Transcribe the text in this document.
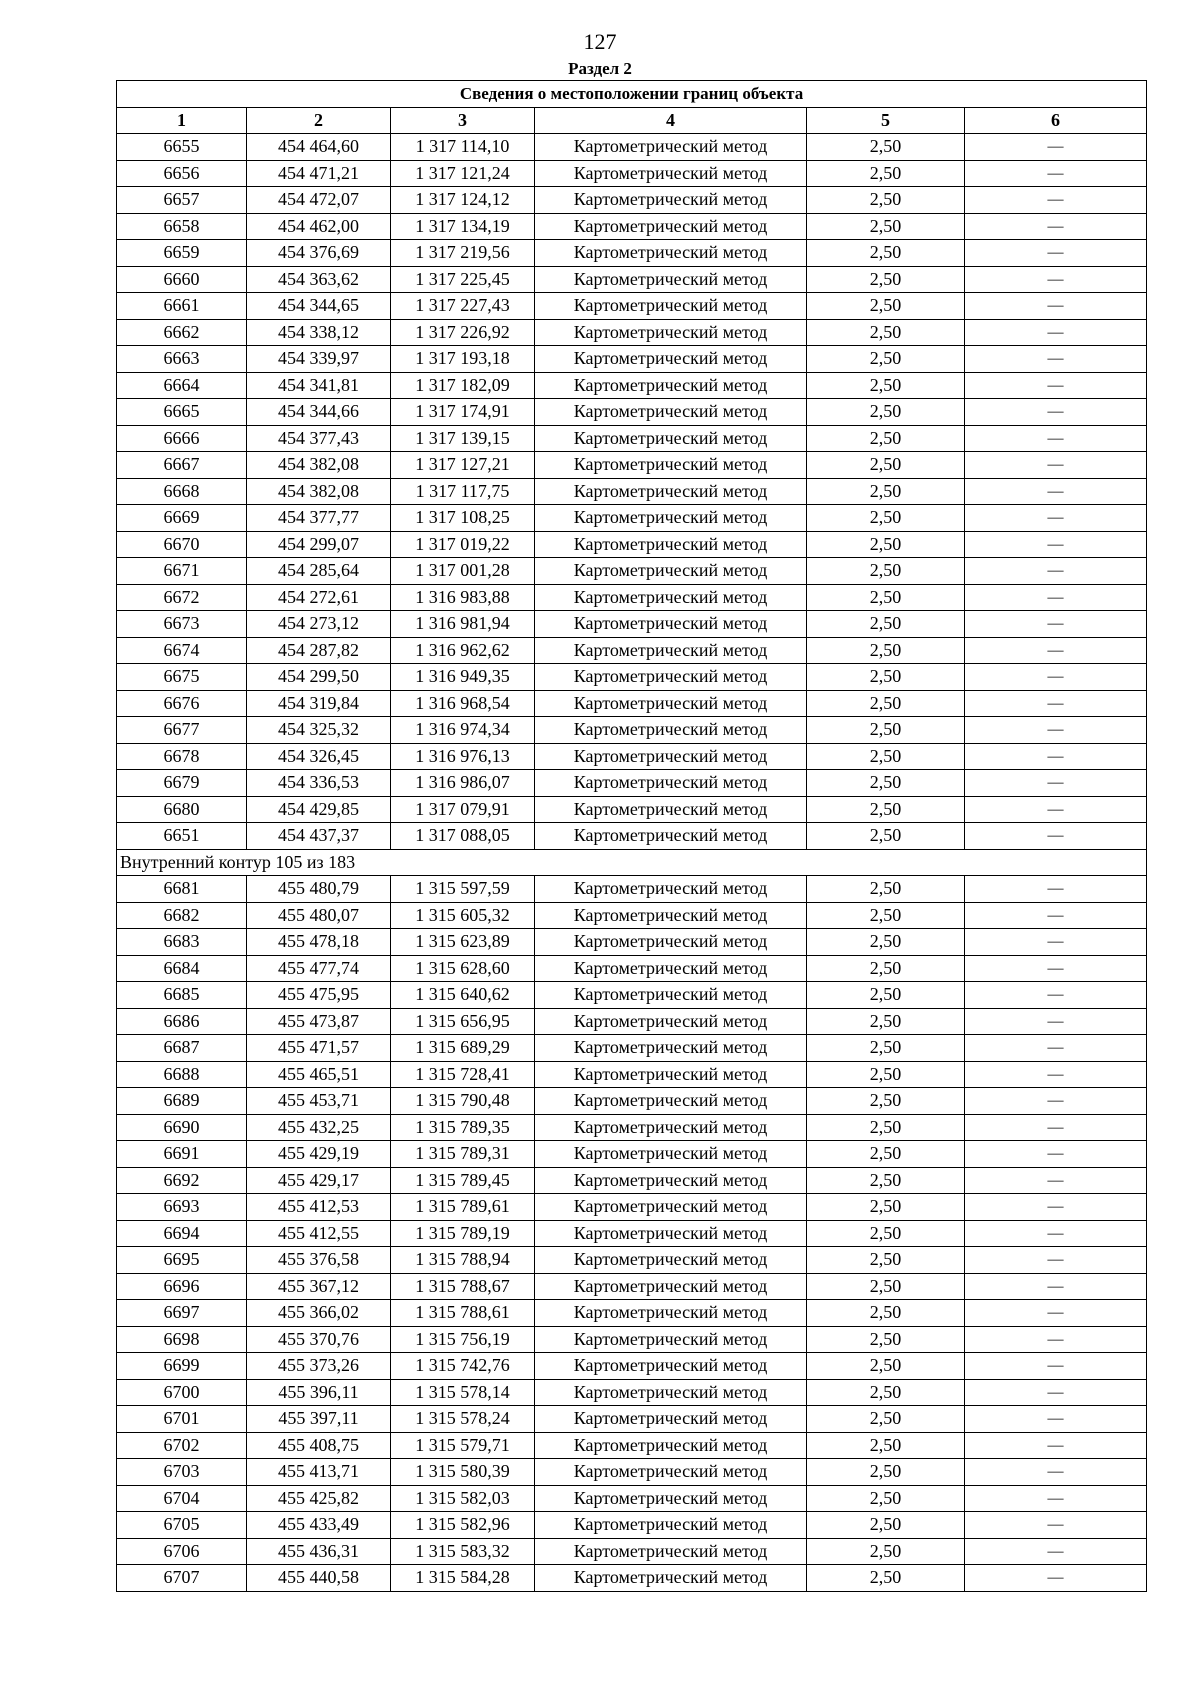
127
Раздел 2
Сведения о местоположении границ объекта					
1	2	3	4	5	6
6655	454 464,60	1 317 114,10	Картометрический метод	2,50	—
6656	454 471,21	1 317 121,24	Картометрический метод	2,50	—
6657	454 472,07	1 317 124,12	Картометрический метод	2,50	—
6658	454 462,00	1 317 134,19	Картометрический метод	2,50	—
6659	454 376,69	1 317 219,56	Картометрический метод	2,50	—
6660	454 363,62	1 317 225,45	Картометрический метод	2,50	—
6661	454 344,65	1 317 227,43	Картометрический метод	2,50	—
6662	454 338,12	1 317 226,92	Картометрический метод	2,50	—
6663	454 339,97	1 317 193,18	Картометрический метод	2,50	—
6664	454 341,81	1 317 182,09	Картометрический метод	2,50	—
6665	454 344,66	1 317 174,91	Картометрический метод	2,50	—
6666	454 377,43	1 317 139,15	Картометрический метод	2,50	—
6667	454 382,08	1 317 127,21	Картометрический метод	2,50	—
6668	454 382,08	1 317 117,75	Картометрический метод	2,50	—
6669	454 377,77	1 317 108,25	Картометрический метод	2,50	—
6670	454 299,07	1 317 019,22	Картометрический метод	2,50	—
6671	454 285,64	1 317 001,28	Картометрический метод	2,50	—
6672	454 272,61	1 316 983,88	Картометрический метод	2,50	—
6673	454 273,12	1 316 981,94	Картометрический метод	2,50	—
6674	454 287,82	1 316 962,62	Картометрический метод	2,50	—
6675	454 299,50	1 316 949,35	Картометрический метод	2,50	—
6676	454 319,84	1 316 968,54	Картометрический метод	2,50	—
6677	454 325,32	1 316 974,34	Картометрический метод	2,50	—
6678	454 326,45	1 316 976,13	Картометрический метод	2,50	—
6679	454 336,53	1 316 986,07	Картометрический метод	2,50	—
6680	454 429,85	1 317 079,91	Картометрический метод	2,50	—
6651	454 437,37	1 317 088,05	Картометрический метод	2,50	—
Внутренний контур 105 из 183					
6681	455 480,79	1 315 597,59	Картометрический метод	2,50	—
6682	455 480,07	1 315 605,32	Картометрический метод	2,50	—
6683	455 478,18	1 315 623,89	Картометрический метод	2,50	—
6684	455 477,74	1 315 628,60	Картометрический метод	2,50	—
6685	455 475,95	1 315 640,62	Картометрический метод	2,50	—
6686	455 473,87	1 315 656,95	Картометрический метод	2,50	—
6687	455 471,57	1 315 689,29	Картометрический метод	2,50	—
6688	455 465,51	1 315 728,41	Картометрический метод	2,50	—
6689	455 453,71	1 315 790,48	Картометрический метод	2,50	—
6690	455 432,25	1 315 789,35	Картометрический метод	2,50	—
6691	455 429,19	1 315 789,31	Картометрический метод	2,50	—
6692	455 429,17	1 315 789,45	Картометрический метод	2,50	—
6693	455 412,53	1 315 789,61	Картометрический метод	2,50	—
6694	455 412,55	1 315 789,19	Картометрический метод	2,50	—
6695	455 376,58	1 315 788,94	Картометрический метод	2,50	—
6696	455 367,12	1 315 788,67	Картометрический метод	2,50	—
6697	455 366,02	1 315 788,61	Картометрический метод	2,50	—
6698	455 370,76	1 315 756,19	Картометрический метод	2,50	—
6699	455 373,26	1 315 742,76	Картометрический метод	2,50	—
6700	455 396,11	1 315 578,14	Картометрический метод	2,50	—
6701	455 397,11	1 315 578,24	Картометрический метод	2,50	—
6702	455 408,75	1 315 579,71	Картометрический метод	2,50	—
6703	455 413,71	1 315 580,39	Картометрический метод	2,50	—
6704	455 425,82	1 315 582,03	Картометрический метод	2,50	—
6705	455 433,49	1 315 582,96	Картометрический метод	2,50	—
6706	455 436,31	1 315 583,32	Картометрический метод	2,50	—
6707	455 440,58	1 315 584,28	Картометрический метод	2,50	—
